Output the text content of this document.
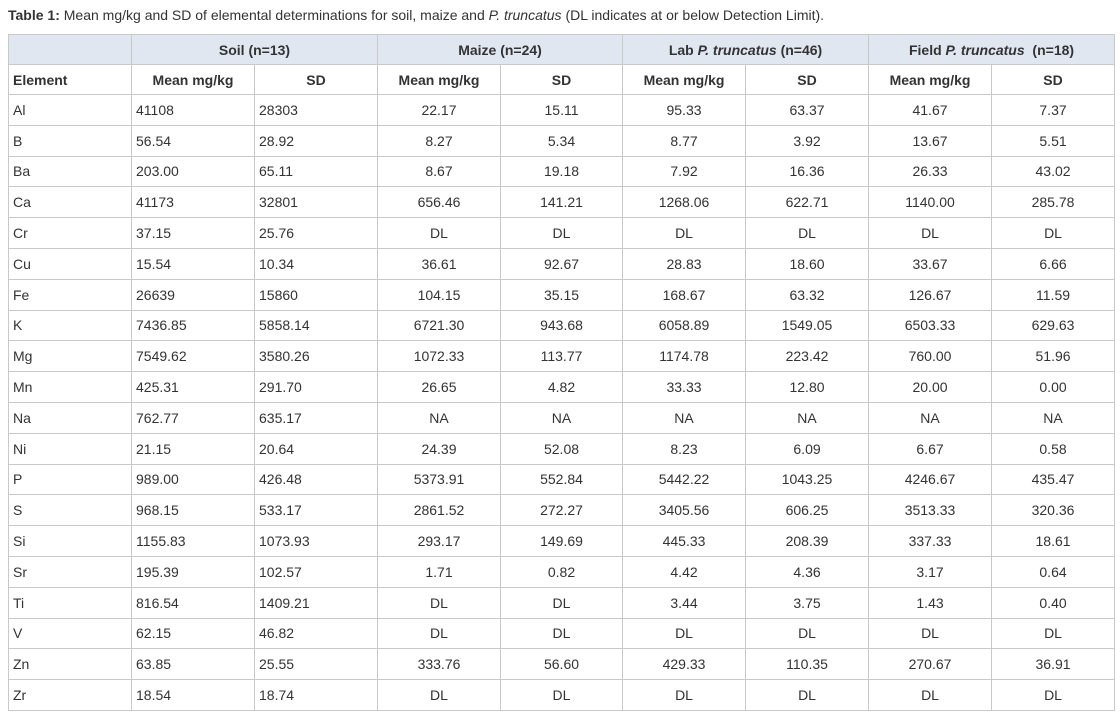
Table 1: Mean mg/kg and SD of elemental determinations for soil, maize and P. truncatus (DL indicates at or below Detection Limit).
	Soil (n=13)		Maize (n=24)		Lab P. truncatus (n=46)		Field P. truncatus  (n=18)	
Element	Mean mg/kg	SD	Mean mg/kg	SD	Mean mg/kg	SD	Mean mg/kg	SD
Al	41108	28303	22.17	15.11	95.33	63.37	41.67	7.37
B	56.54	28.92	8.27	5.34	8.77	3.92	13.67	5.51
Ba	203.00	65.11	8.67	19.18	7.92	16.36	26.33	43.02
Ca	41173	32801	656.46	141.21	1268.06	622.71	1140.00	285.78
Cr	37.15	25.76	DL	DL	DL	DL	DL	DL
Cu	15.54	10.34	36.61	92.67	28.83	18.60	33.67	6.66
Fe	26639	15860	104.15	35.15	168.67	63.32	126.67	11.59
K	7436.85	5858.14	6721.30	943.68	6058.89	1549.05	6503.33	629.63
Mg	7549.62	3580.26	1072.33	113.77	1174.78	223.42	760.00	51.96
Mn	425.31	291.70	26.65	4.82	33.33	12.80	20.00	0.00
Na	762.77	635.17	NA	NA	NA	NA	NA	NA
Ni	21.15	20.64	24.39	52.08	8.23	6.09	6.67	0.58
P	989.00	426.48	5373.91	552.84	5442.22	1043.25	4246.67	435.47
S	968.15	533.17	2861.52	272.27	3405.56	606.25	3513.33	320.36
Si	1155.83	1073.93	293.17	149.69	445.33	208.39	337.33	18.61
Sr	195.39	102.57	1.71	0.82	4.42	4.36	3.17	0.64
Ti	816.54	1409.21	DL	DL	3.44	3.75	1.43	0.40
V	62.15	46.82	DL	DL	DL	DL	DL	DL
Zn	63.85	25.55	333.76	56.60	429.33	110.35	270.67	36.91
Zr	18.54	18.74	DL	DL	DL	DL	DL	DL
